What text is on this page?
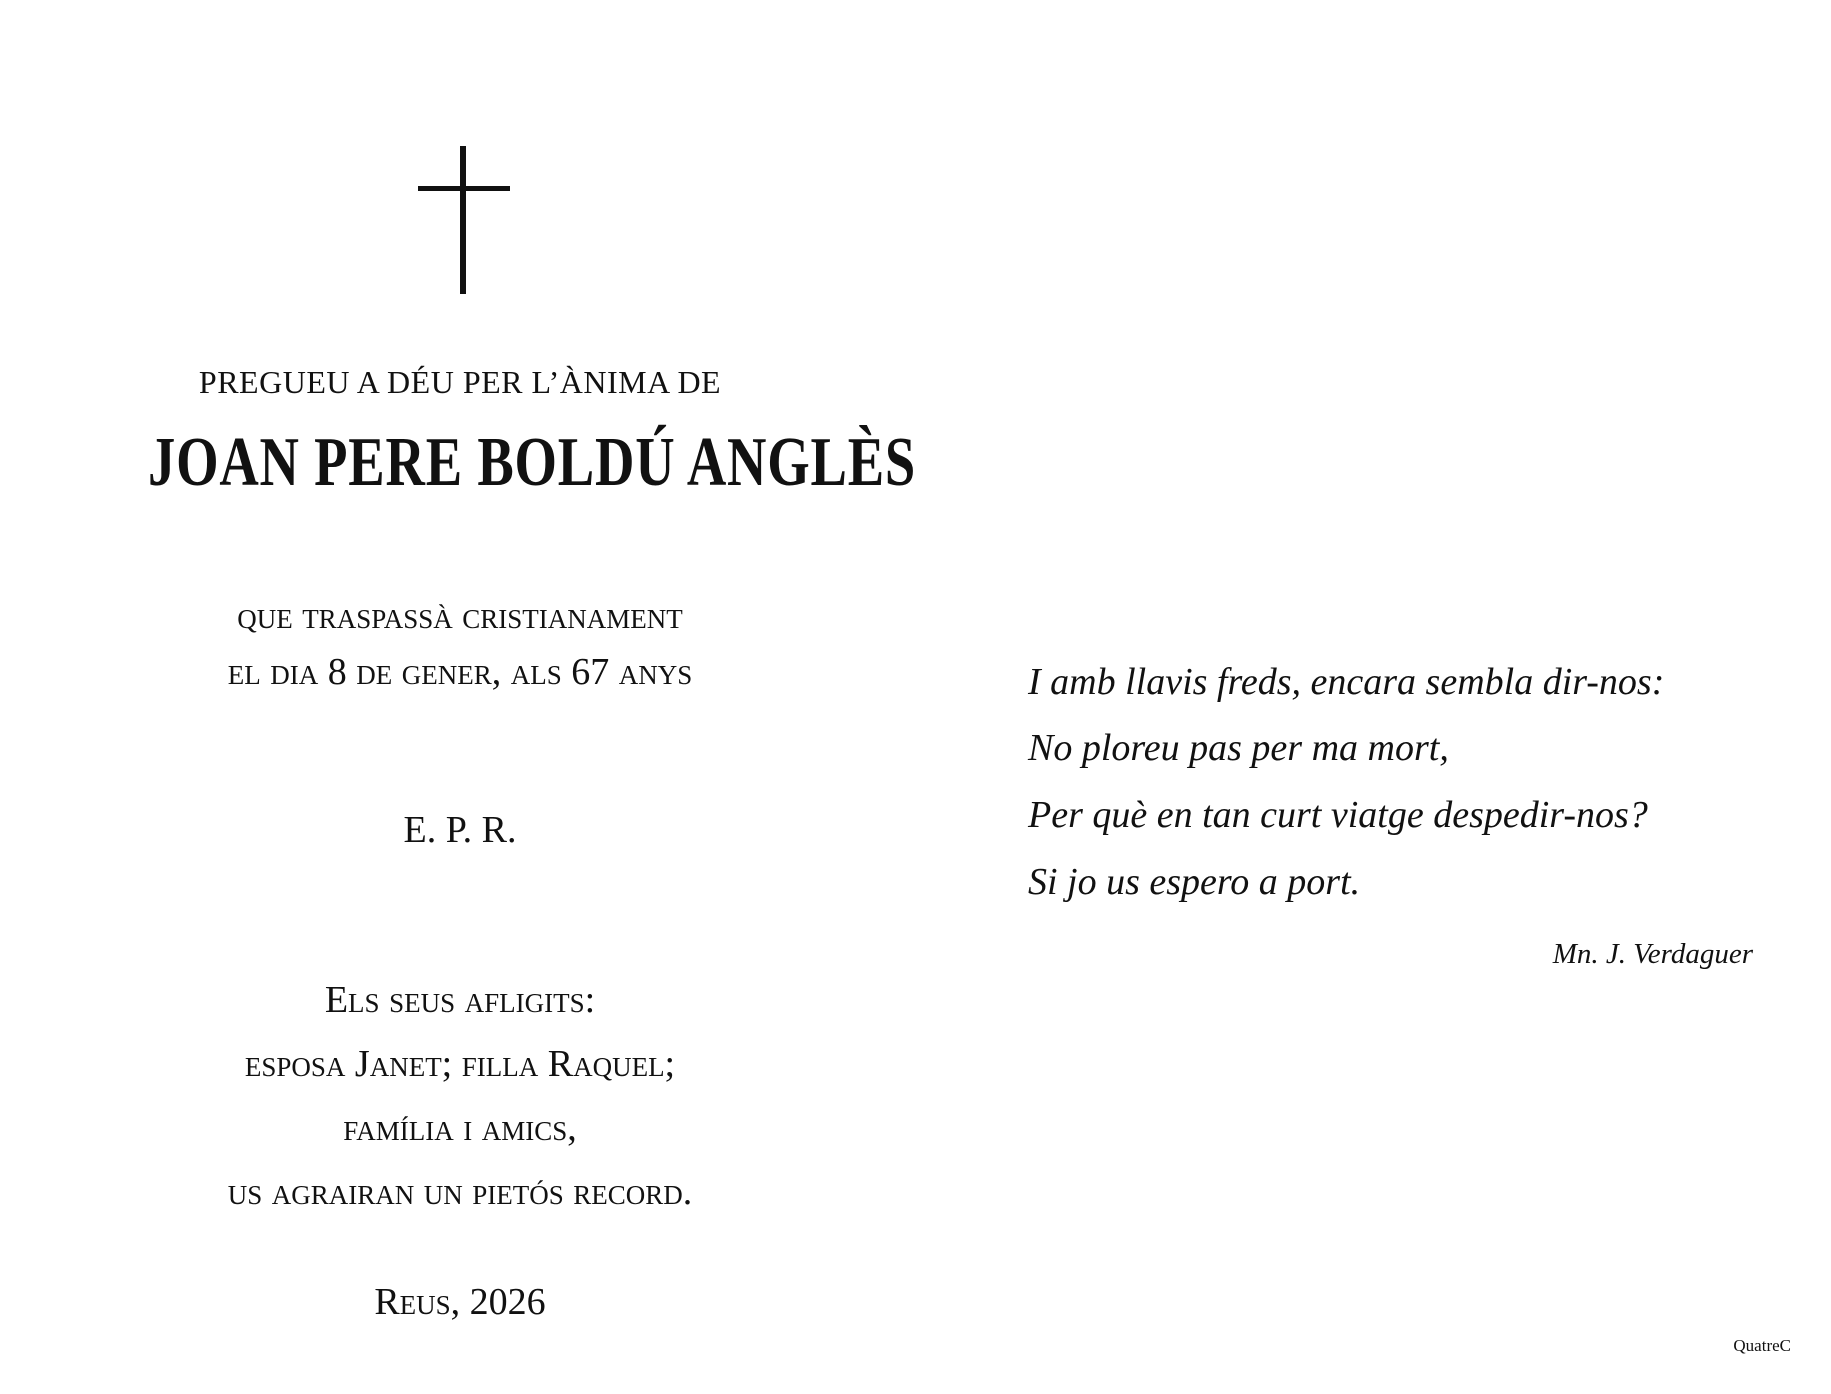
PREGUEU A DÉU PER L’ÀNIMA DE
JOAN PERE BOLDÚ ANGLÈS
que traspassà cristianament
el dia 8 de gener, als 67 anys
E. P. R.
Els seus afligits:
esposa Janet; filla Raquel;
família i amics,
us agrairan un pietós record.
Reus, 2026
I amb llavis freds, encara sembla dir-nos:
No ploreu pas per ma mort,
Per què en tan curt viatge despedir-nos?
Si jo us espero a port.
Mn. J. Verdaguer
QuatreC
